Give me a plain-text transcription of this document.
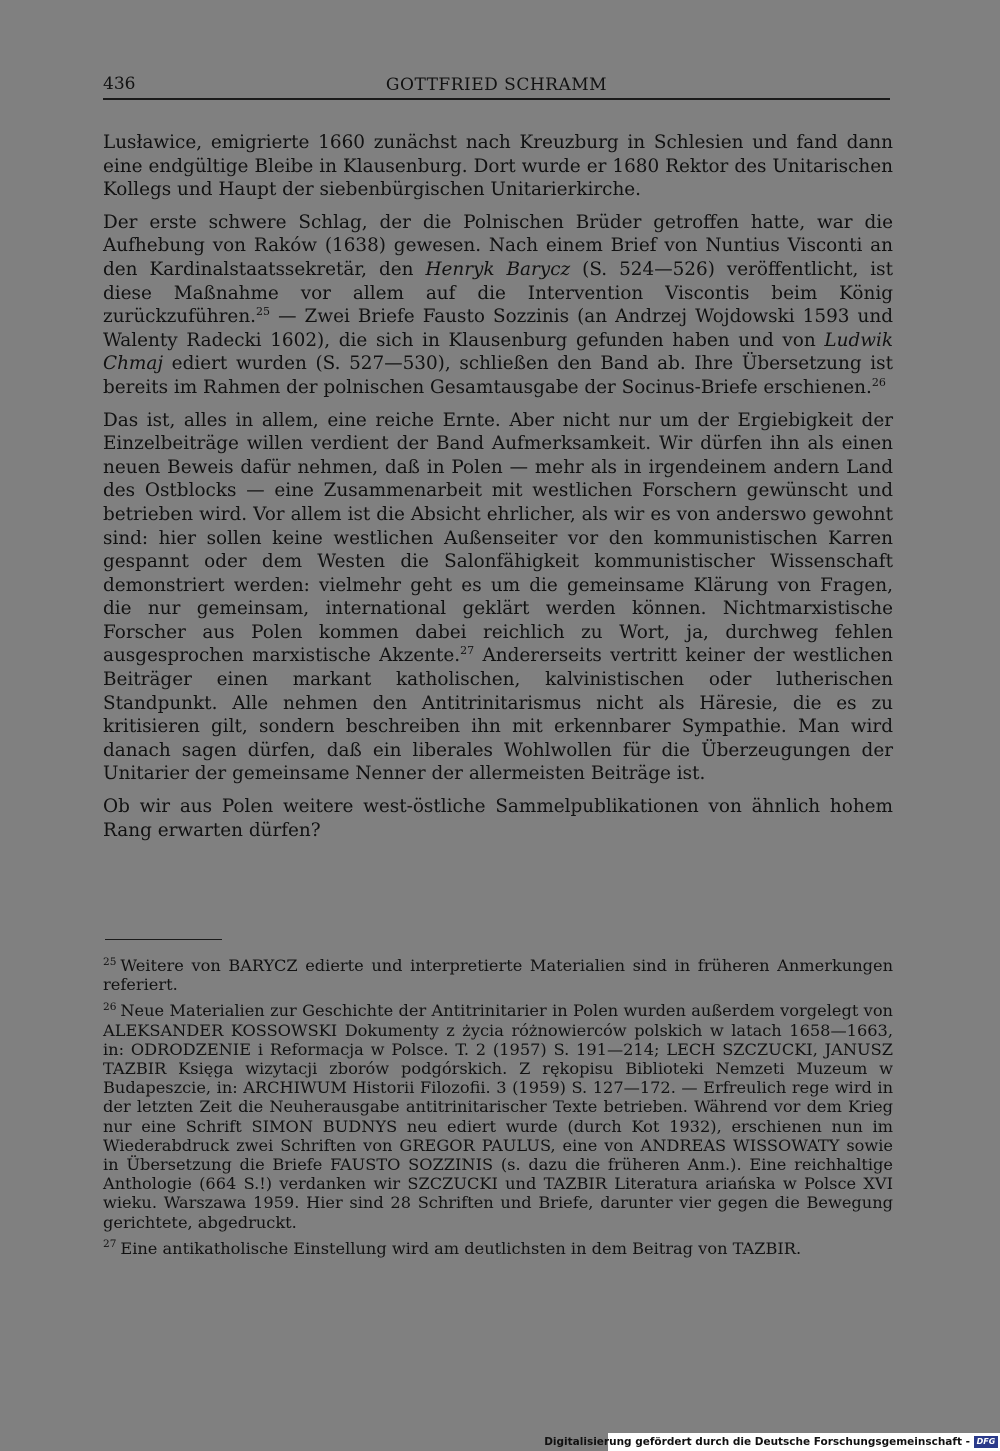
436	GOTTFRIED SCHRAMM

Lusławice, emigrierte 1660 zunächst nach Kreuzburg in Schlesien und fand dann eine endgültige Bleibe in Klausenburg. Dort wurde er 1680 Rektor des Unitarischen Kollegs und Haupt der siebenbürgischen Unitarierkirche.

Der erste schwere Schlag, der die Polnischen Brüder getroffen hatte, war die Aufhebung von Raków (1638) gewesen. Nach einem Brief von Nuntius Visconti an den Kardinalstaatssekretär, den Henryk Barycz (S. 524—526) veröffentlicht, ist diese Maßnahme vor allem auf die Intervention Viscontis beim König zurückzuführen.$^{25}$ — Zwei Briefe Fausto Sozzinis (an Andrzej Wojdowski 1593 und Walenty Radecki 1602), die sich in Klausenburg gefunden haben und von Ludwik Chmaj ediert wurden (S. 527—530), schließen den Band ab. Ihre Übersetzung ist bereits im Rahmen der polnischen Gesamtausgabe der Socinus-Briefe erschienen.$^{26}$

Das ist, alles in allem, eine reiche Ernte. Aber nicht nur um der Ergiebigkeit der Einzelbeiträge willen verdient der Band Aufmerksamkeit. Wir dürfen ihn als einen neuen Beweis dafür nehmen, daß in Polen — mehr als in irgendeinem andern Land des Ostblocks — eine Zusammenarbeit mit westlichen Forschern gewünscht und betrieben wird. Vor allem ist die Absicht ehrlicher, als wir es von anderswo gewohnt sind: hier sollen keine westlichen Außenseiter vor den kommunistischen Karren gespannt oder dem Westen die Salonfähigkeit kommunistischer Wissenschaft demonstriert werden: vielmehr geht es um die gemeinsame Klärung von Fragen, die nur gemeinsam, international geklärt werden können. Nichtmarxistische Forscher aus Polen kommen dabei reichlich zu Wort, ja, durchweg fehlen ausgesprochen marxistische Akzente.$^{27}$ Andererseits vertritt keiner der westlichen Beiträger einen markant katholischen, kalvinistischen oder lutherischen Standpunkt. Alle nehmen den Antitrinitarismus nicht als Häresie, die es zu kritisieren gilt, sondern beschreiben ihn mit erkennbarer Sympathie. Man wird danach sagen dürfen, daß ein liberales Wohlwollen für die Überzeugungen der Unitarier der gemeinsame Nenner der allermeisten Beiträge ist.

Ob wir aus Polen weitere west-östliche Sammelpublikationen von ähnlich hohem Rang erwarten dürfen?

$^{25}$ Weitere von BARYCZ edierte und interpretierte Materialien sind in früheren Anmerkungen referiert.

$^{26}$ Neue Materialien zur Geschichte der Antitrinitarier in Polen wurden außerdem vorgelegt von ALEKSANDER KOSSOWSKI Dokumenty z życia różnowierców polskich w latach 1658—1663, in: ODRODZENIE i Reformacja w Polsce. T. 2 (1957) S. 191—214; LECH SZCZUCKI, JANUSZ TAZBIR Księga wizytacji zborów podgórskich. Z rękopisu Biblioteki Nemzeti Muzeum w Budapeszcie, in: ARCHIWUM Historii Filozofii. 3 (1959) S. 127—172. — Erfreulich rege wird in der letzten Zeit die Neuherausgabe antitrinitarischer Texte betrieben. Während vor dem Krieg nur eine Schrift SIMON BUDNYS neu ediert wurde (durch Kot 1932), erschienen nun im Wiederabdruck zwei Schriften von GREGOR PAULUS, eine von ANDREAS WISSOWATY sowie in Übersetzung die Briefe FAUSTO SOZZINIS (s. dazu die früheren Anm.). Eine reichhaltige Anthologie (664 S.!) verdanken wir SZCZUCKI und TAZBIR Literatura ariańska w Polsce XVI wieku. Warszawa 1959. Hier sind 28 Schriften und Briefe, darunter vier gegen die Bewegung gerichtete, abgedruckt.

$^{27}$ Eine antikatholische Einstellung wird am deutlichsten in dem Beitrag von TAZBIR.

Digitalisierung gefördert durch die Deutsche Forschungsgemeinschaft - DFG
